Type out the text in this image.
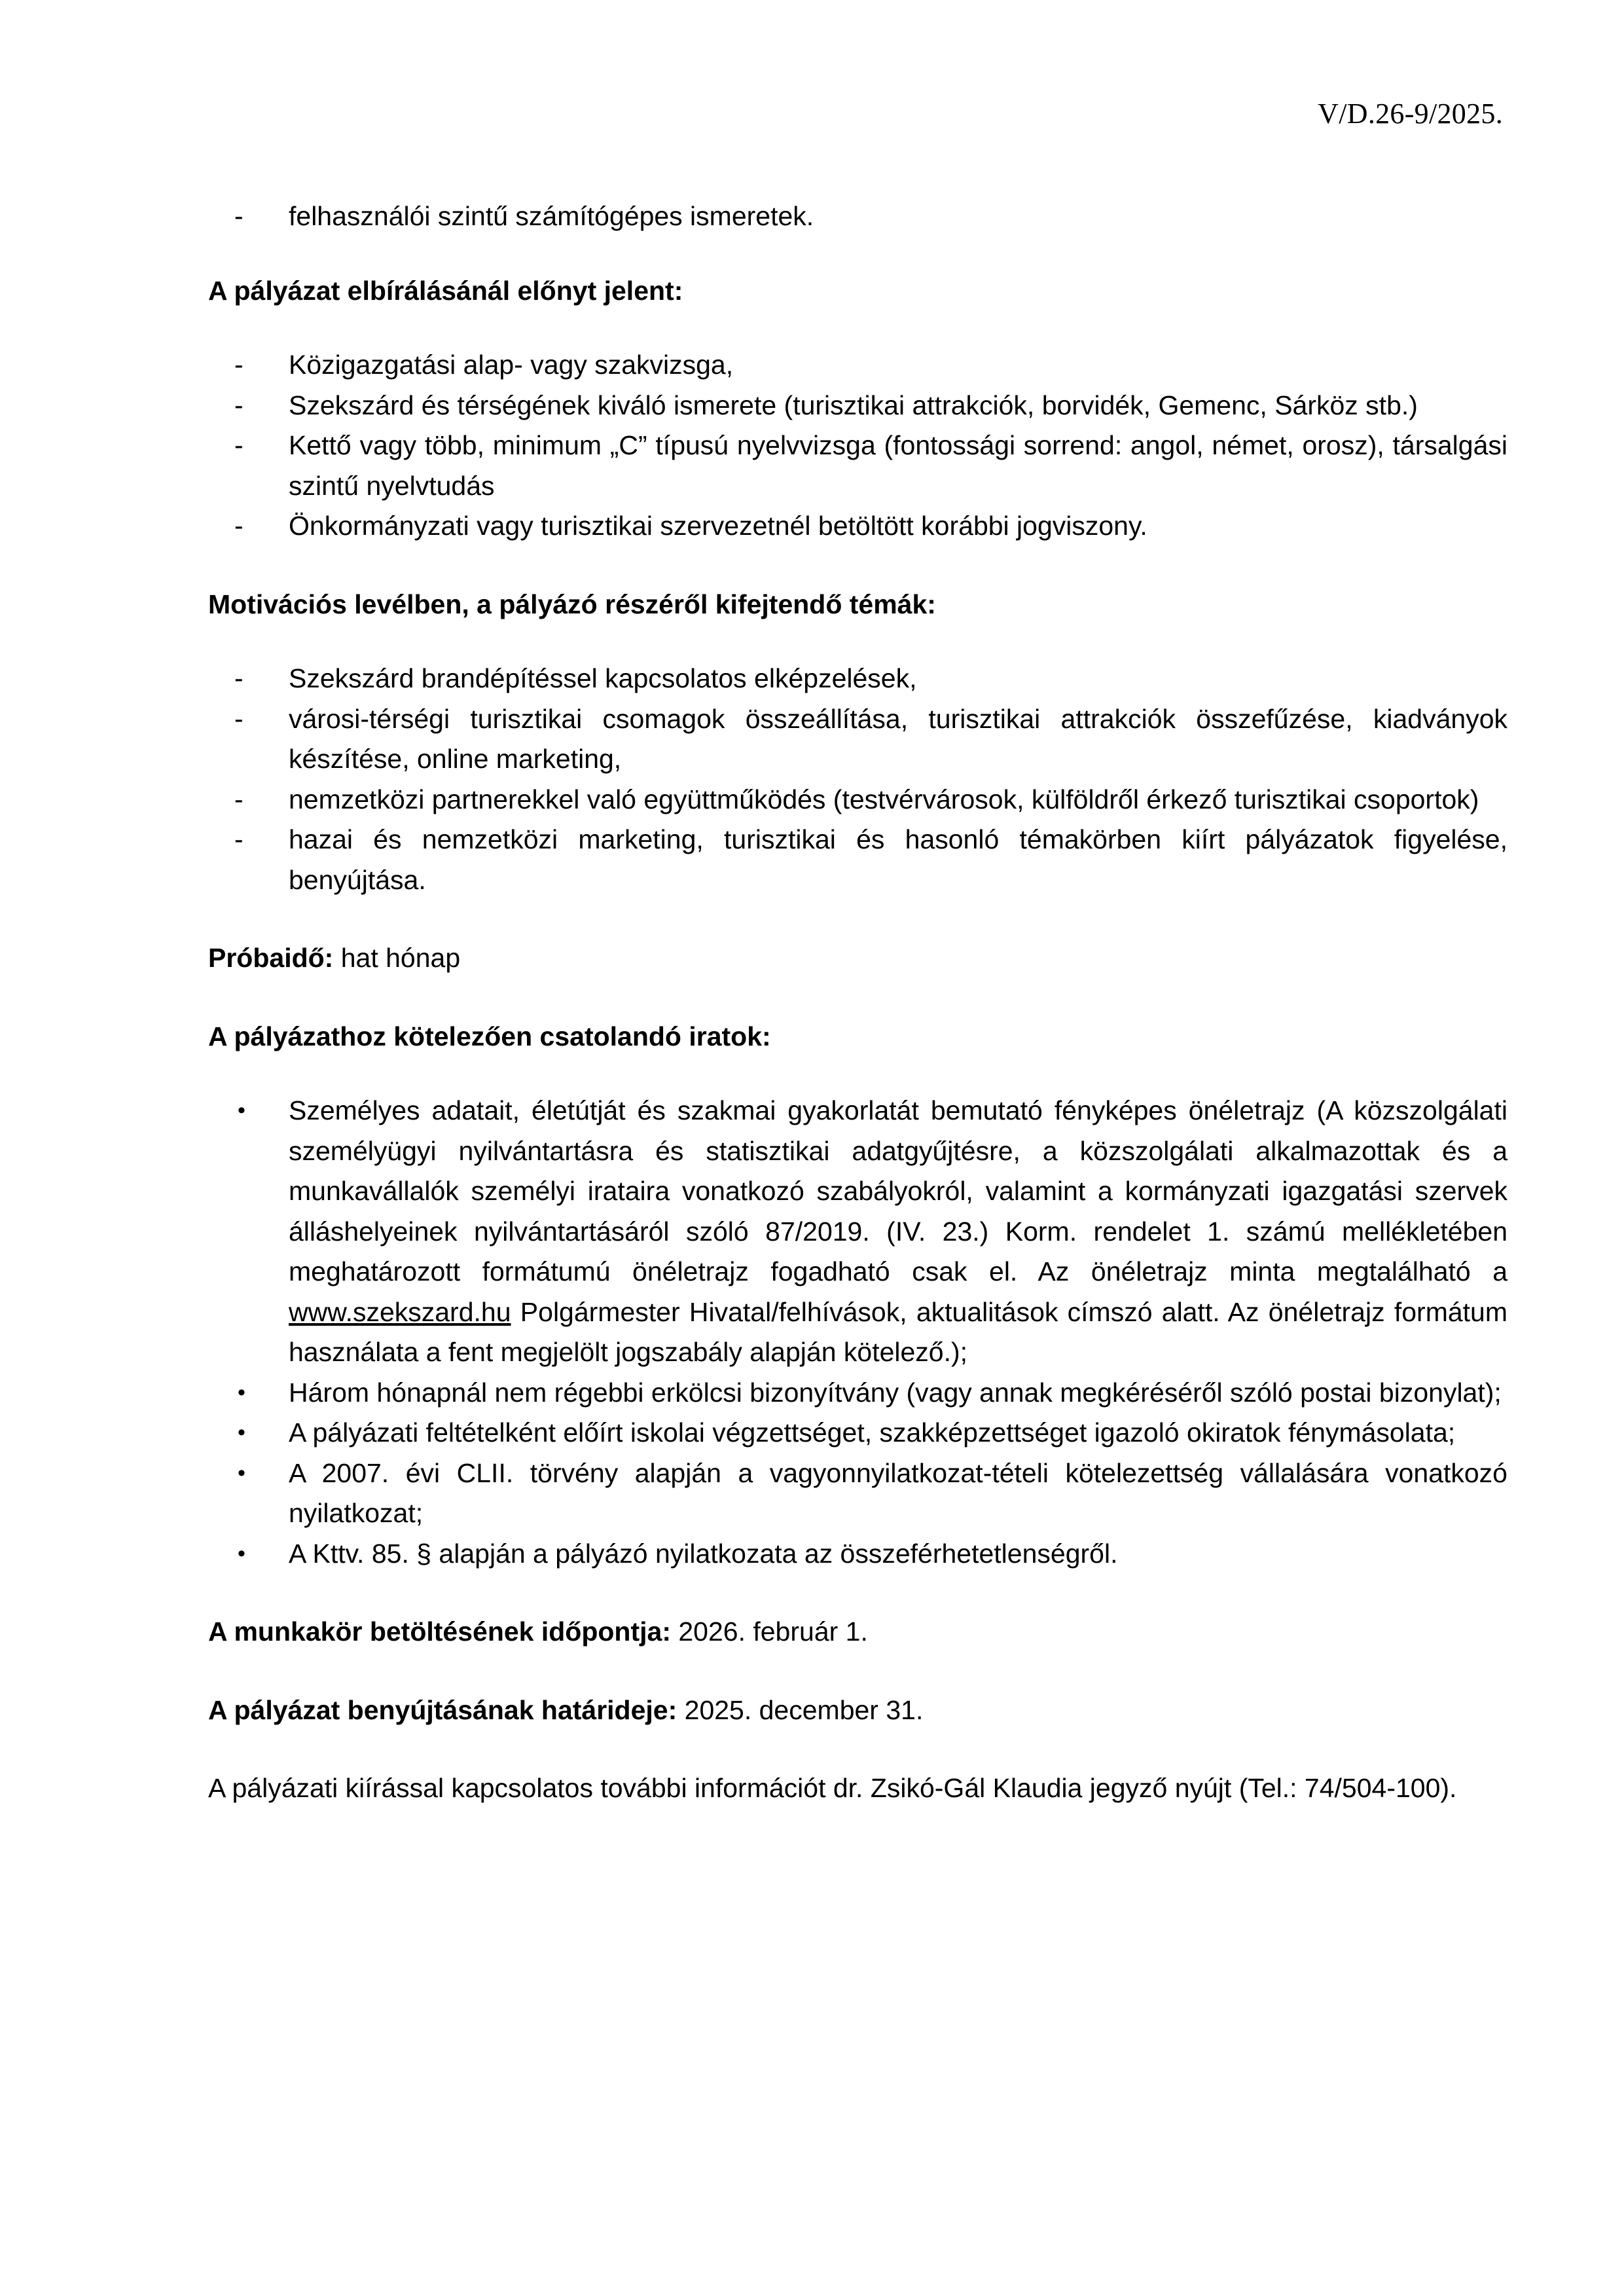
V/D.26-9/2025.
- felhasználói szintű számítógépes ismeretek.

A pályázat elbírálásánál előnyt jelent:

- Közigazgatási alap- vagy szakvizsga,
- Szekszárd és térségének kiváló ismerete (turisztikai attrakciók, borvidék, Gemenc, Sárköz stb.)
- Kettő vagy több, minimum „C” típusú nyelvvizsga (fontossági sorrend: angol, német, orosz), társalgási szintű nyelvtudás
- Önkormányzati vagy turisztikai szervezetnél betöltött korábbi jogviszony.

Motivációs levélben, a pályázó részéről kifejtendő témák:

- Szekszárd brandépítéssel kapcsolatos elképzelések,
- városi-térségi turisztikai csomagok összeállítása, turisztikai attrakciók összefűzése, kiadványok készítése, online marketing,
- nemzetközi partnerekkel való együttműködés (testvérvárosok, külföldről érkező turisztikai csoportok)
- hazai és nemzetközi marketing, turisztikai és hasonló témakörben kiírt pályázatok figyelése, benyújtása.

Próbaidő: hat hónap

A pályázathoz kötelezően csatolandó iratok:

• Személyes adatait, életútját és szakmai gyakorlatát bemutató fényképes önéletrajz (A közszolgálati személyügyi nyilvántartásra és statisztikai adatgyűjtésre, a közszolgálati alkalmazottak és a munkavállalók személyi irataira vonatkozó szabályokról, valamint a kormányzati igazgatási szervek álláshelyeinek nyilvántartásáról szóló 87/2019. (IV. 23.) Korm. rendelet 1. számú mellékletében meghatározott formátumú önéletrajz fogadható csak el. Az önéletrajz minta megtalálható a www.szekszard.hu Polgármester Hivatal/felhívások, aktualitások címszó alatt. Az önéletrajz formátum használata a fent megjelölt jogszabály alapján kötelező.);
• Három hónapnál nem régebbi erkölcsi bizonyítvány (vagy annak megkéréséről szóló postai bizonylat);
• A pályázati feltételként előírt iskolai végzettséget, szakképzettséget igazoló okiratok fénymásolata;
• A 2007. évi CLII. törvény alapján a vagyonnyilatkozat-tételi kötelezettség vállalására vonatkozó nyilatkozat;
• A Kttv. 85. § alapján a pályázó nyilatkozata az összeférhetetlenségről.

A munkakör betöltésének időpontja: 2026. február 1.

A pályázat benyújtásának határideje: 2025. december 31.

A pályázati kiírással kapcsolatos további információt dr. Zsikó-Gál Klaudia jegyző nyújt (Tel.: 74/504-100).
